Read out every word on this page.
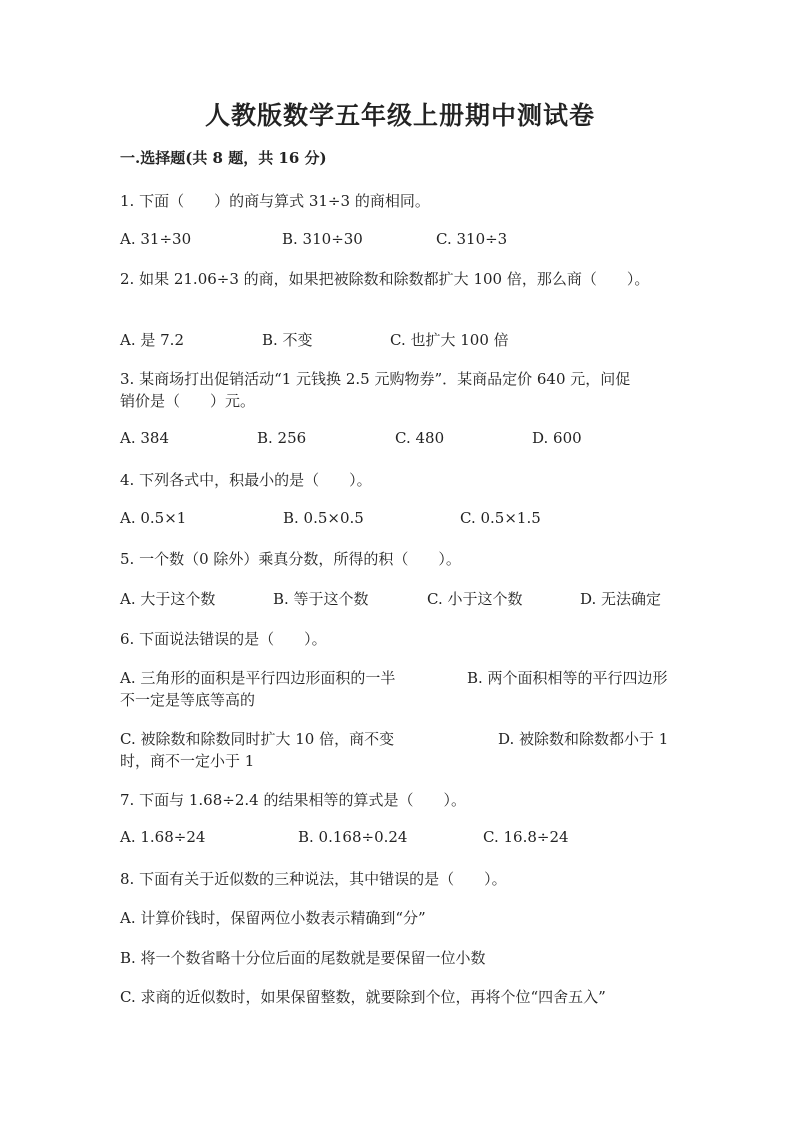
人教版数学五年级上册期中测试卷
一.选择题(共 8 题，共 16 分)
1. 下面（　　）的商与算式 31÷3 的商相同。
A. 31÷30	B. 310÷30	C. 310÷3
2. 如果 21.06÷3 的商，如果把被除数和除数都扩大 100 倍，那么商（　　）。
A. 是 7.2	B. 不变	C. 也扩大 100 倍
3. 某商场打出促销活动“1 元钱换 2.5 元购物券”．某商品定价 640 元，问促
销价是（　　）元。
A. 384	B. 256	C. 480	D. 600
4. 下列各式中，积最小的是（　　）。
A. 0.5×1	B. 0.5×0.5	C. 0.5×1.5
5. 一个数（0 除外）乘真分数，所得的积（　　）。
A. 大于这个数	B. 等于这个数	C. 小于这个数	D. 无法确定
6. 下面说法错误的是（　　）。
A. 三角形的面积是平行四边形面积的一半	B. 两个面积相等的平行四边形
不一定是等底等高的
C. 被除数和除数同时扩大 10 倍，商不变	D. 被除数和除数都小于 1
时，商不一定小于 1
7. 下面与 1.68÷2.4 的结果相等的算式是（　　）。
A. 1.68÷24	B. 0.168÷0.24	C. 16.8÷24
8. 下面有关于近似数的三种说法，其中错误的是（　　）。
A. 计算价钱时，保留两位小数表示精确到“分”
B. 将一个数省略十分位后面的尾数就是要保留一位小数
C. 求商的近似数时，如果保留整数，就要除到个位，再将个位“四舍五入”
